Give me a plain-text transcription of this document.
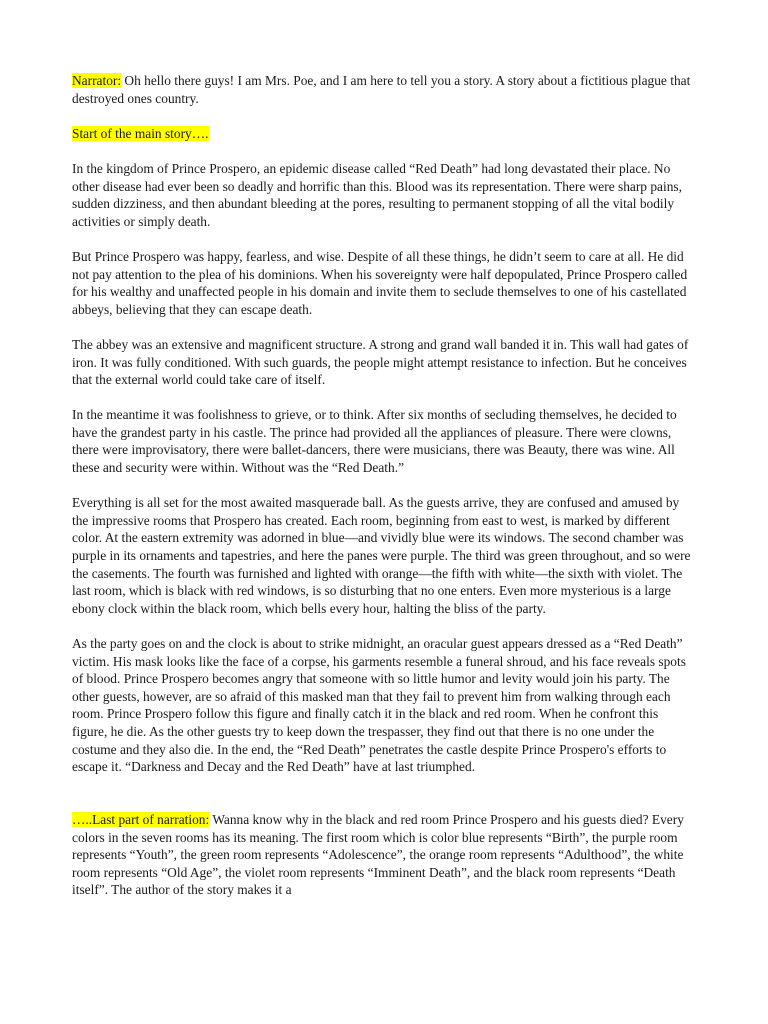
Narrator: Oh hello there guys! I am Mrs. Poe, and I am here to tell you a story. A story about a fictitious plague that destroyed ones country.

Start of the main story….

In the kingdom of Prince Prospero, an epidemic disease called “Red Death” had long devastated their place. No other disease had ever been so deadly and horrific than this. Blood was its representation. There were sharp pains, sudden dizziness, and then abundant bleeding at the pores, resulting to permanent stopping of all the vital bodily activities or simply death.

But Prince Prospero was happy, fearless, and wise. Despite of all these things, he didn’t seem to care at all. He did not pay attention to the plea of his dominions. When his sovereignty were half depopulated, Prince Prospero called for his wealthy and unaffected people in his domain and invite them to seclude themselves to one of his castellated abbeys, believing that they can escape death.

The abbey was an extensive and magnificent structure. A strong and grand wall banded it in. This wall had gates of iron. It was fully conditioned. With such guards, the people might attempt resistance to infection. But he conceives that the external world could take care of itself.

In the meantime it was foolishness to grieve, or to think. After six months of secluding themselves, he decided to have the grandest party in his castle. The prince had provided all the appliances of pleasure. There were clowns, there were improvisatory, there were ballet-dancers, there were musicians, there was Beauty, there was wine. All these and security were within. Without was the “Red Death.”

Everything is all set for the most awaited masquerade ball. As the guests arrive, they are confused and amused by the impressive rooms that Prospero has created. Each room, beginning from east to west, is marked by different color. At the eastern extremity was adorned in blue—and vividly blue were its windows. The second chamber was purple in its ornaments and tapestries, and here the panes were purple. The third was green throughout, and so were the casements. The fourth was furnished and lighted with orange—the fifth with white—the sixth with violet. The last room, which is black with red windows, is so disturbing that no one enters. Even more mysterious is a large ebony clock within the black room, which bells every hour, halting the bliss of the party.

As the party goes on and the clock is about to strike midnight, an oracular guest appears dressed as a “Red Death” victim. His mask looks like the face of a corpse, his garments resemble a funeral shroud, and his face reveals spots of blood. Prince Prospero becomes angry that someone with so little humor and levity would join his party. The other guests, however, are so afraid of this masked man that they fail to prevent him from walking through each room. Prince Prospero follow this figure and finally catch it in the black and red room. When he confront this figure, he die. As the other guests try to keep down the trespasser, they find out that there is no one under the costume and they also die. In the end, the “Red Death” penetrates the castle despite Prince Prospero's efforts to escape it. “Darkness and Decay and the Red Death” have at last triumphed.

…..Last part of narration: Wanna know why in the black and red room Prince Prospero and his guests died? Every colors in the seven rooms has its meaning. The first room which is color blue represents “Birth”, the purple room represents “Youth”, the green room represents “Adolescence”, the orange room represents “Adulthood”, the white room represents “Old Age”, the violet room represents “Imminent Death”, and the black room represents “Death itself”. The author of the story makes it a
